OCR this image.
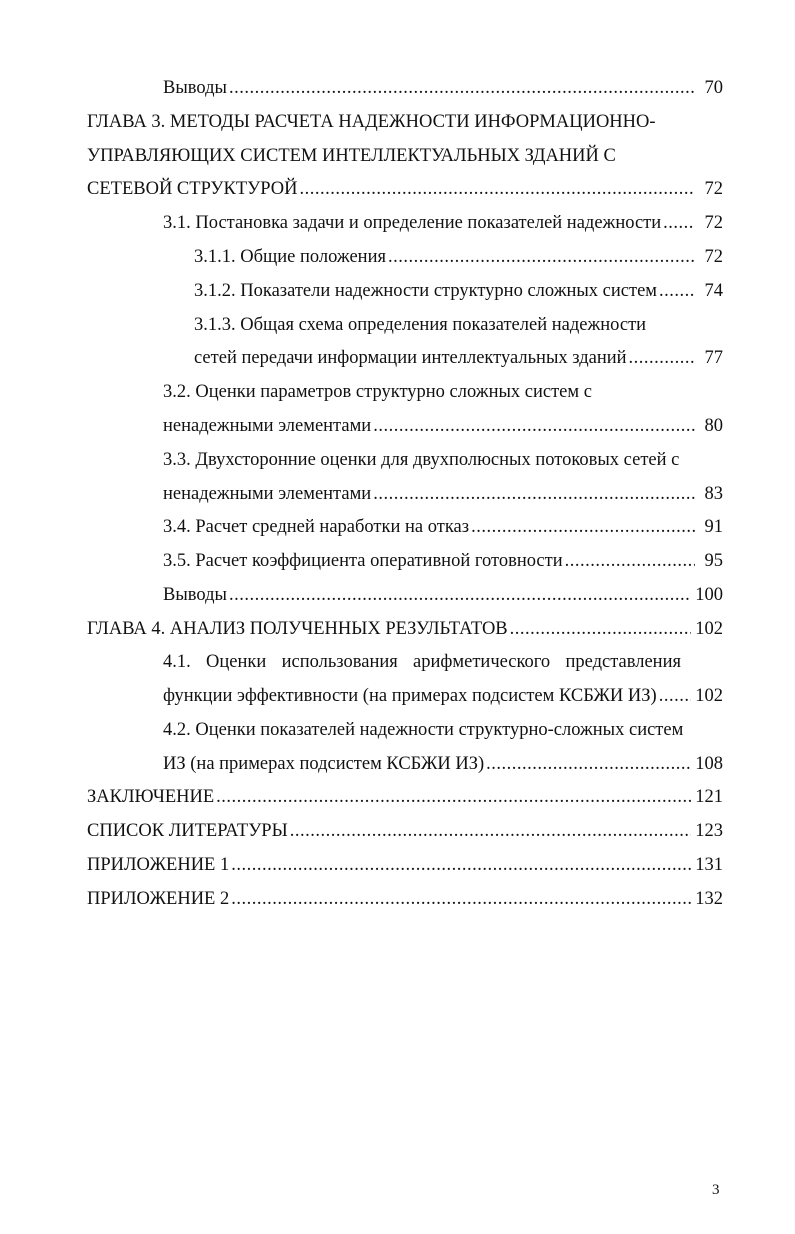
Выводы .....	70
ГЛАВА 3. МЕТОДЫ РАСЧЕТА НАДЕЖНОСТИ ИНФОРМАЦИОННО-
УПРАВЛЯЮЩИХ СИСТЕМ ИНТЕЛЛЕКТУАЛЬНЫХ ЗДАНИЙ С
СЕТЕВОЙ СТРУКТУРОЙ .....	72
3.1. Постановка задачи и определение показателей надежности ..... 72
3.1.1. Общие положения .....	72
3.1.2. Показатели надежности структурно сложных систем .....	74
3.1.3. Общая схема определения показателей надежности
сетей передачи информации интеллектуальных зданий .....	77
3.2. Оценки параметров структурно сложных систем с
ненадежными элементами .....	80
3.3. Двухсторонние оценки для двухполюсных потоковых сетей с
ненадежными элементами .....	83
3.4. Расчет средней наработки на отказ .....	91
3.5. Расчет коэффициента оперативной готовности .....	95
Выводы .....	100
ГЛАВА 4. АНАЛИЗ ПОЛУЧЕННЫХ РЕЗУЛЬТАТОВ .....	102
4.1. Оценки использования арифметического представления
функции эффективности (на примерах подсистем КСБЖИ ИЗ) ..... 102
4.2. Оценки показателей надежности структурно-сложных систем
ИЗ (на примерах подсистем КСБЖИ ИЗ) .....	108
ЗАКЛЮЧЕНИЕ .....	121
СПИСОК ЛИТЕРАТУРЫ .....	123
ПРИЛОЖЕНИЕ 1 .....	131
ПРИЛОЖЕНИЕ 2 .....	132
3
